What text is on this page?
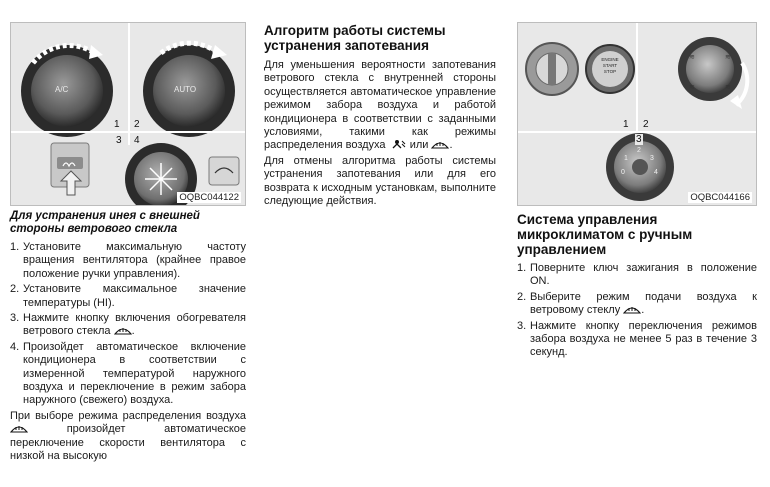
1 2
3 4
A/C	AUTO
OQBC044122
Для устранения инея с внешней стороны ветрового стекла
1. Установите максимальную частоту вращения вентилятора (крайнее правое положение ручки управления).
2. Установите максимальное значение температуры (HI).
3. Нажмите кнопку включения обогревателя ветрового стекла .
4. Произойдет автоматическое включение кондиционера в соответствии с измеренной температурой наружного воздуха и переключение в режим забора наружного (свежего) воздуха.

При выборе режима распределения воздуха  произойдет автоматическое переключение скорости вентилятора с низкой на высокую

Алгоритм работы системы устранения запотевания

Для уменьшения вероятности запотевания ветрового стекла с внутренней стороны осуществляется автоматическое управление режимом забора воздуха и работой кондиционера в соответствии с заданными условиями, такими как режимы распределения воздуха или .

Для отмены алгоритма работы системы устранения запотевания или для его возврата к исходным установкам, выполните следующие действия.

≋	≋
≋	≋
1 2
3
ENGINE
START
STOP
0
1
2
3
4
OQBC044166
Система управления микроклиматом с ручным управлением
1. Поверните ключ зажигания в положение ON.
2. Выберите режим подачи воздуха к ветровому стеклу .
3. Нажмите кнопку переключения режимов забора воздуха не менее 5 раз в течение 3 секунд.
